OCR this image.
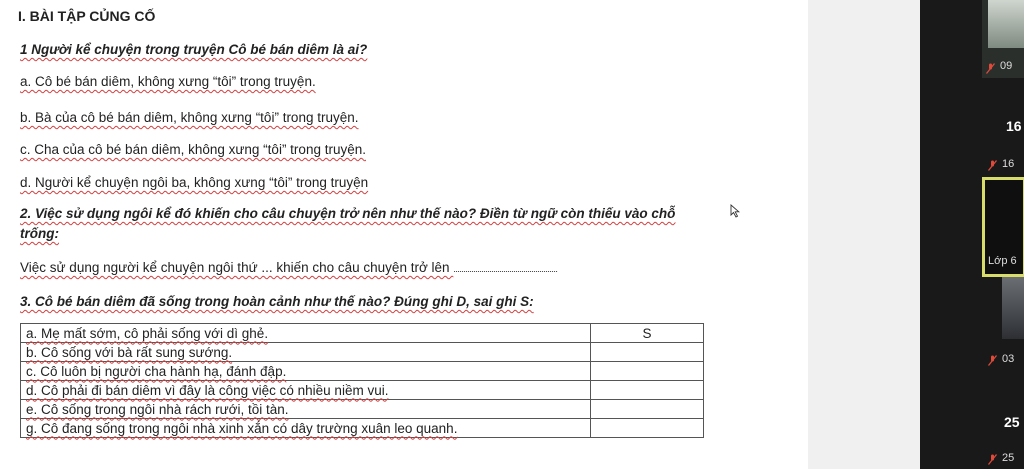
I. BÀI TẬP CỦNG CỐ
1 Người kể chuyện trong truyện Cô bé bán diêm là ai?
a. Cô bé bán diêm, không xưng “tôi” trong truyện.
b. Bà của cô bé bán diêm, không xưng “tôi” trong truyện.
c. Cha của cô bé bán diêm, không xưng “tôi” trong truyện.
d. Người kể chuyện ngôi ba, không xưng “tôi” trong truyện
2. Việc sử dụng ngôi kể đó khiến cho câu chuyện trở nên như thế nào? Điền từ ngữ còn thiếu vào chỗ
trống:
Việc sử dụng người kể chuyện ngôi thứ ... khiến cho câu chuyện trở lên ....................................................
3. Cô bé bán diêm đã sống trong hoàn cảnh như thế nào? Đúng ghi D, sai ghi S:
a. Mẹ mất sớm, cô phải sống với dì ghẻ.	S
b. Cô sống với bà rất sung sướng.	
c. Cô luôn bị người cha hành hạ, đánh đập.	
d. Cô phải đi bán diêm vì đây là công việc có nhiều niềm vui.	
e. Cô sống trong ngôi nhà rách rưới, tồi tàn.	
g. Cô đang sống trong ngôi nhà xinh xắn có dây trường xuân leo quanh.	
09
16
16
Lớp 6
03
25
25
